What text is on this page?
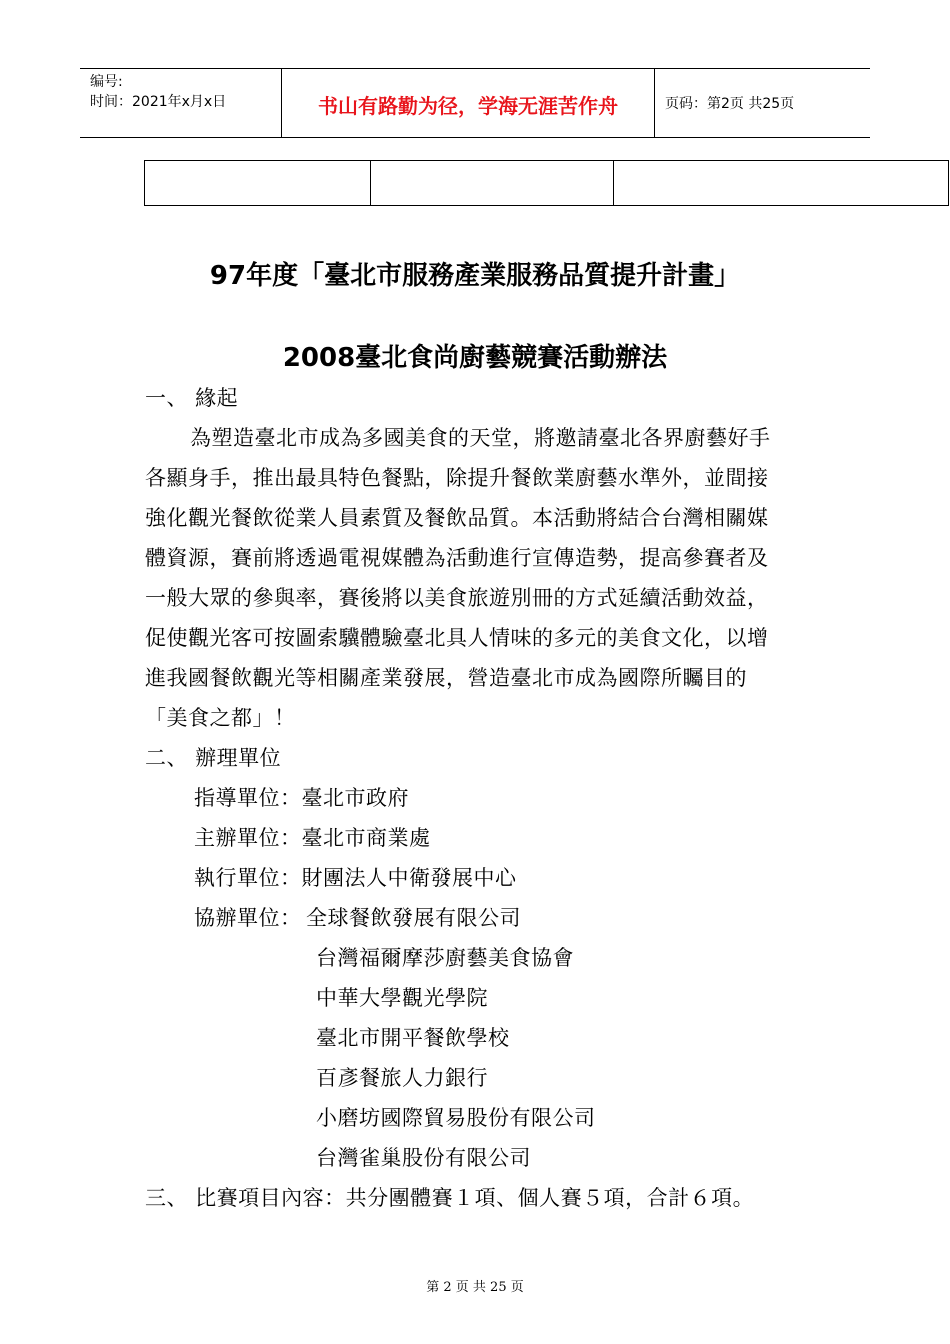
编号:
时间：2021年x月x日	书山有路勤为径，学海无涯苦作舟	页码：第2页 共25页
97年度「臺北市服務產業服務品質提升計畫」
2008臺北食尚廚藝競賽活動辦法
一、 緣起
為塑造臺北市成為多國美食的天堂，將邀請臺北各界廚藝好手
各顯身手，推出最具特色餐點，除提升餐飲業廚藝水準外，並間接
強化觀光餐飲從業人員素質及餐飲品質。本活動將結合台灣相關媒
體資源，賽前將透過電視媒體為活動進行宣傳造勢，提高參賽者及
一般大眾的參與率，賽後將以美食旅遊別冊的方式延續活動效益，
促使觀光客可按圖索驥體驗臺北具人情味的多元的美食文化，以增
進我國餐飲觀光等相關產業發展，營造臺北市成為國際所矚目的
「美食之都」！
二、 辦理單位
指導單位：臺北市政府
主辦單位：臺北市商業處
執行單位：財團法人中衛發展中心
協辦單位： 全球餐飲發展有限公司
台灣福爾摩莎廚藝美食協會
中華大學觀光學院
臺北市開平餐飲學校
百彥餐旅人力銀行
小磨坊國際貿易股份有限公司
台灣雀巢股份有限公司
三、 比賽項目內容：共分團體賽１項、個人賽５項，合計６項。
第 2 页 共 25 页
